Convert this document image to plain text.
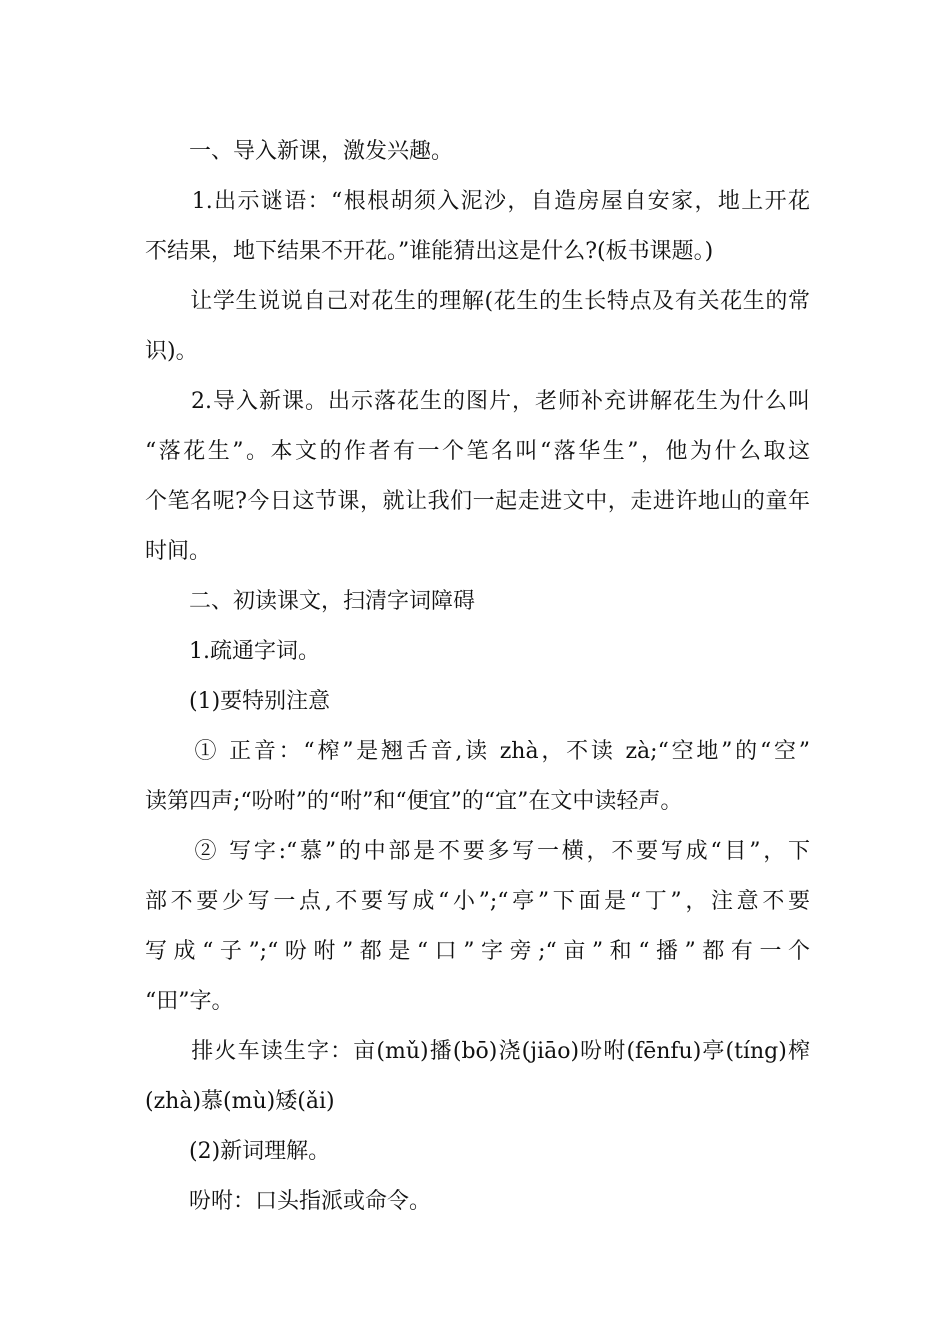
　　一、导入新课，激发兴趣。
　　1.出示谜语：“根根胡须入泥沙，自造房屋自安家，地上开花
不结果，地下结果不开花。”谁能猜出这是什么?(板书课题。)
　　让学生说说自己对花生的理解(花生的生长特点及有关花生的常
识)。
　　2.导入新课。出示落花生的图片，老师补充讲解花生为什么叫
“落花生”。本文的作者有一个笔名叫“落华生”，他为什么取这
个笔名呢?今日这节课，就让我们一起走进文中，走进许地山的童年
时间。
　　二、初读课文，扫清字词障碍
　　1.疏通字词。
　　(1)要特别注意
　　① 正音：“榨”是翘舌音,读 zhà，不读 zà;“空地”的“空”
读第四声;“吩咐”的“咐”和“便宜”的“宜”在文中读轻声。
　　② 写字:“慕”的中部是不要多写一横，不要写成“目”，下
部不要少写一点,不要写成“小”;“亭”下面是“丁”，注意不要
写成“子”;“吩咐”都是“口”字旁;“亩”和“播”都有一个
“田”字。
　　排火车读生字：亩(mǔ)播(bō)浇(jiāo)吩咐(fēnfu)亭(tíng)榨
(zhà)慕(mù)矮(ǎi)
　　(2)新词理解。
　　吩咐：口头指派或命令。
